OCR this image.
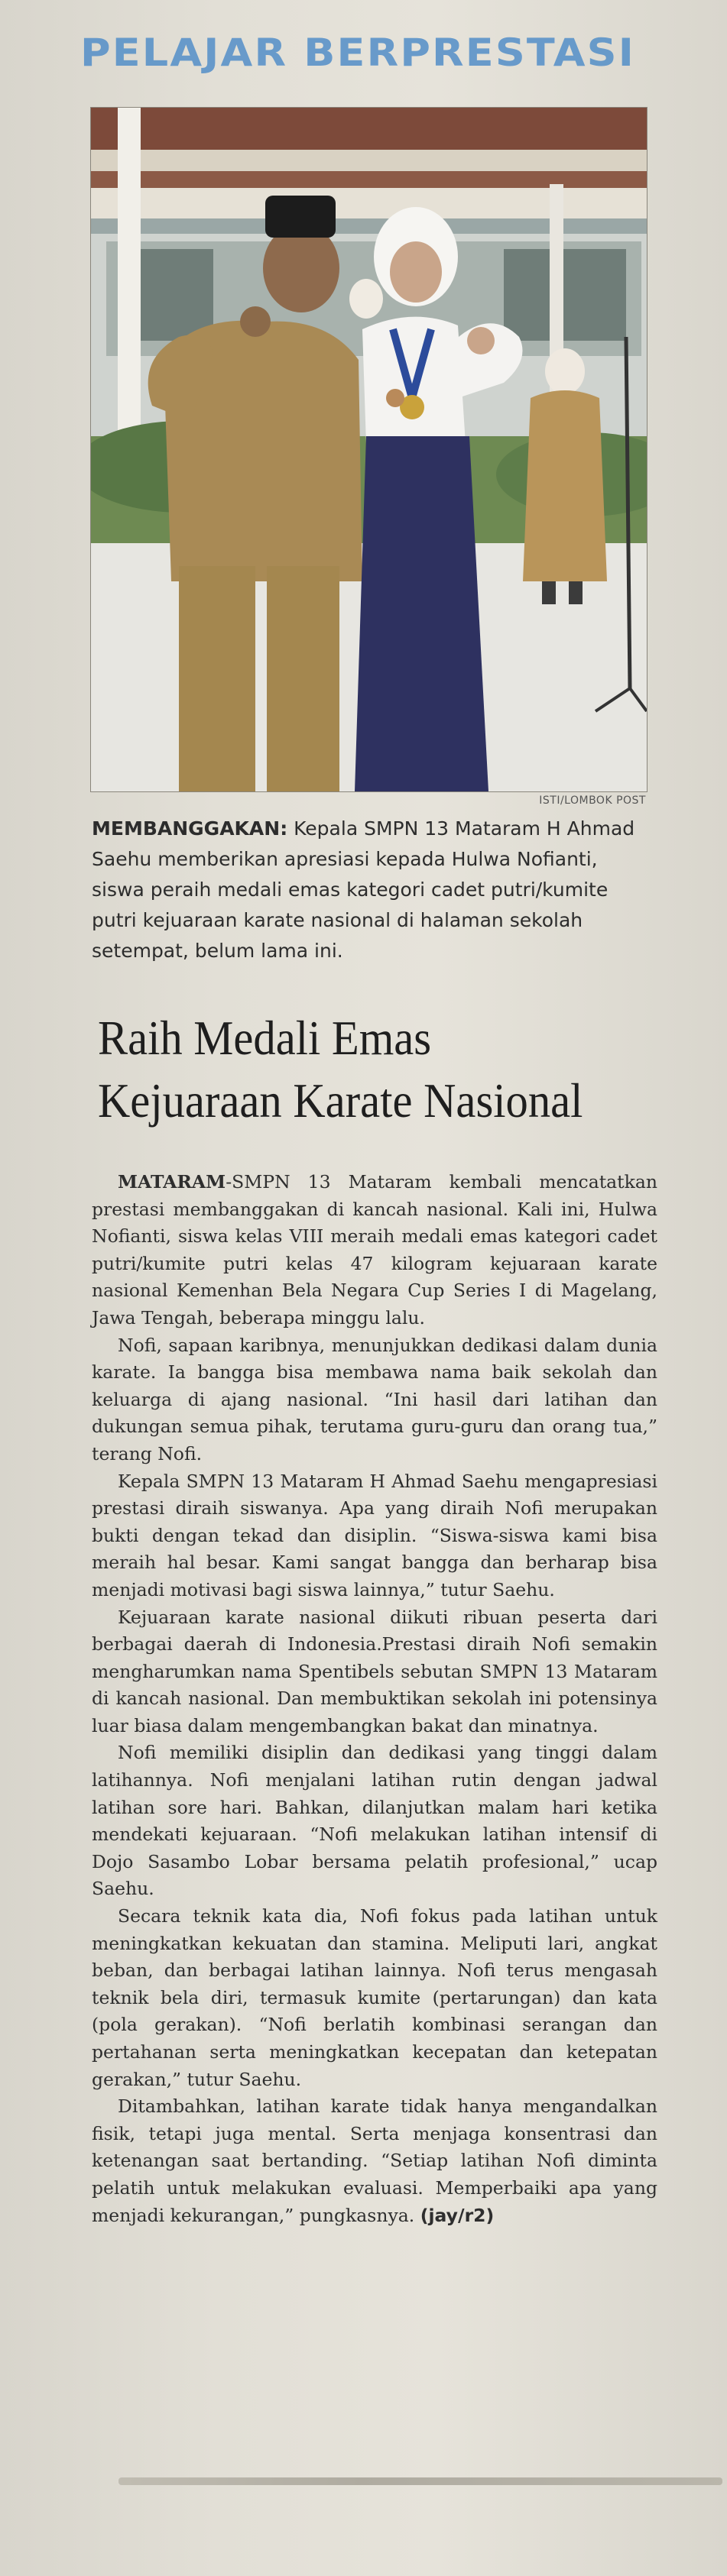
PELAJAR BERPRESTASI
ISTI/LOMBOK POST

MEMBANGGAKAN: Kepala SMPN 13 Mataram H Ahmad Saehu memberikan apresiasi kepada Hulwa Nofianti, siswa peraih medali emas kategori cadet putri/kumite putri kejuaraan karate nasional di halaman sekolah setempat, belum lama ini.

Raih Medali Emas
Kejuaraan Karate Nasional

MATARAM-SMPN 13 Mataram kembali mencatatkan prestasi membanggakan di kancah nasional. Kali ini, Hulwa Nofianti, siswa kelas VIII meraih medali emas kategori cadet putri/kumite putri kelas 47 kilogram kejuaraan karate nasional Kemenhan Bela Negara Cup Series I di Magelang, Jawa Tengah, beberapa minggu lalu.

Nofi, sapaan karibnya, menunjukkan dedikasi dalam dunia karate. Ia bangga bisa membawa nama baik sekolah dan keluarga di ajang nasional. “Ini hasil dari latihan dan dukungan semua pihak, terutama guru-guru dan orang tua,” terang Nofi.

Kepala SMPN 13 Mataram H Ahmad Saehu mengapresiasi prestasi diraih siswanya. Apa yang diraih Nofi merupakan bukti dengan tekad dan disiplin. “Siswa-siswa kami bisa meraih hal besar. Kami sangat bangga dan berharap bisa menjadi motivasi bagi siswa lainnya,” tutur Saehu.

Kejuaraan karate nasional diikuti ribuan peserta dari berbagai daerah di Indonesia.Prestasi diraih Nofi semakin mengharumkan nama Spentibels sebutan SMPN 13 Mataram di kancah nasional. Dan membuktikan sekolah ini potensinya luar biasa dalam mengembangkan bakat dan minatnya.

Nofi memiliki disiplin dan dedikasi yang tinggi dalam latihannya. Nofi menjalani latihan rutin dengan jadwal latihan sore hari. Bahkan, dilanjutkan malam hari ketika mendekati kejuaraan. “Nofi melakukan latihan intensif di Dojo Sasambo Lobar bersama pelatih profesional,” ucap Saehu.

Secara teknik kata dia, Nofi fokus pada latihan untuk meningkatkan kekuatan dan stamina. Meliputi lari, angkat beban, dan berbagai latihan lainnya. Nofi terus mengasah teknik bela diri, termasuk kumite (pertarungan) dan kata (pola gerakan). “Nofi berlatih kombinasi serangan dan pertahanan serta meningkatkan kecepatan dan ketepatan gerakan,” tutur Saehu.

Ditambahkan, latihan karate tidak hanya mengandalkan fisik, tetapi juga mental. Serta menjaga konsentrasi dan ketenangan saat bertanding. “Setiap latihan Nofi diminta pelatih untuk melakukan evaluasi. Memperbaiki apa yang menjadi kekurangan,” pungkasnya. (jay/r2)
